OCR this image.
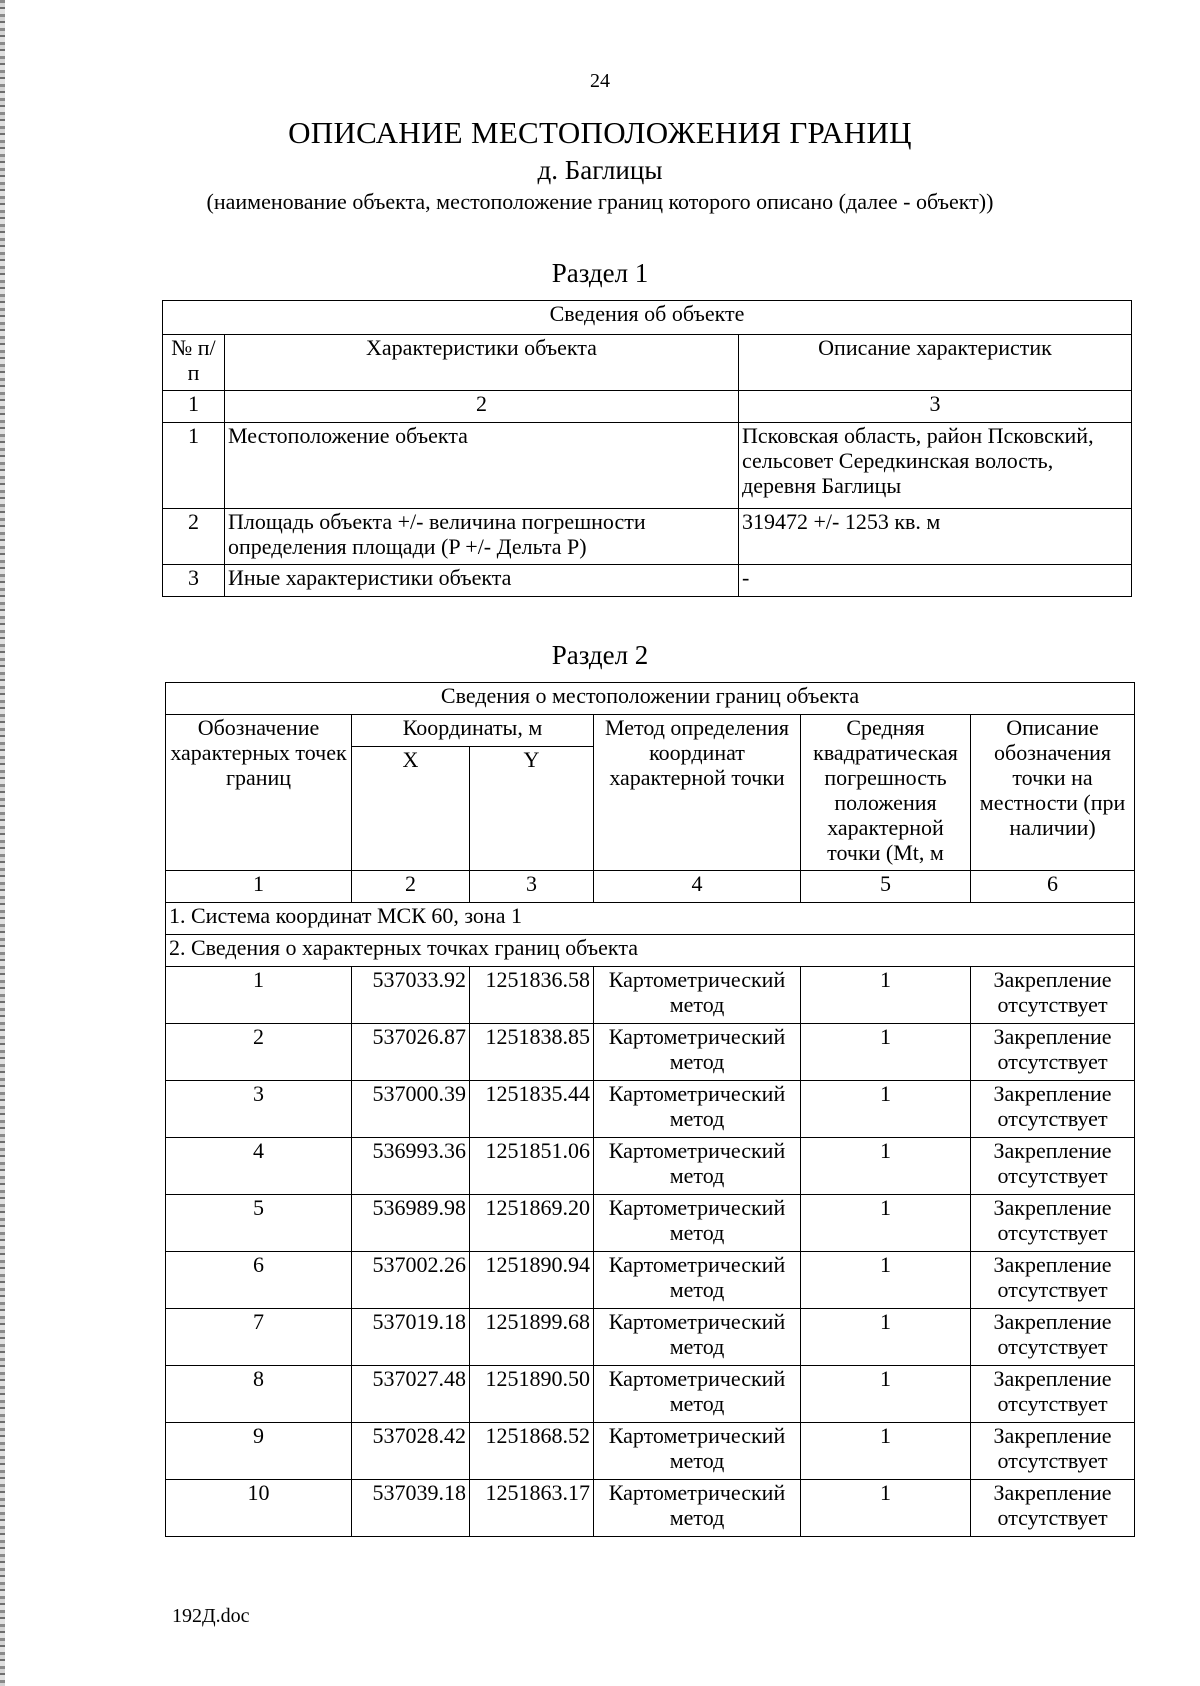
24
ОПИСАНИЕ МЕСТОПОЛОЖЕНИЯ ГРАНИЦ
д. Баглицы
(наименование объекта, местоположение границ которого описано (далее - объект))
Раздел 1
Сведения об объекте		
№ п/п	Характеристики объекта	Описание характеристик
1	2	3
1	Местоположение объекта	Псковская область, район Псковский, сельсовет Середкинская волость, деревня Баглицы
2	Площадь объекта +/- величина погрешности определения площади (P +/- Дельта P)	319472 +/- 1253 кв. м
3	Иные характеристики объекта	-
Раздел 2
Сведения о местоположении границ объекта					
Обозначение характерных точек границ	Координаты, м		Метод определения координат характерной точки	Средняя квадратическая погрешность положения характерной точки (Мt, м	Описание обозначения точки на местности (при наличии)
	X	Y			
1	2	3	4	5	6
1. Система координат МСК 60, зона 1					
2. Сведения о характерных точках границ объекта					
1	537033.92	1251836.58	Картометрический метод	1	Закрепление отсутствует
2	537026.87	1251838.85	Картометрический метод	1	Закрепление отсутствует
3	537000.39	1251835.44	Картометрический метод	1	Закрепление отсутствует
4	536993.36	1251851.06	Картометрический метод	1	Закрепление отсутствует
5	536989.98	1251869.20	Картометрический метод	1	Закрепление отсутствует
6	537002.26	1251890.94	Картометрический метод	1	Закрепление отсутствует
7	537019.18	1251899.68	Картометрический метод	1	Закрепление отсутствует
8	537027.48	1251890.50	Картометрический метод	1	Закрепление отсутствует
9	537028.42	1251868.52	Картометрический метод	1	Закрепление отсутствует
10	537039.18	1251863.17	Картометрический метод	1	Закрепление отсутствует
192Д.doc
